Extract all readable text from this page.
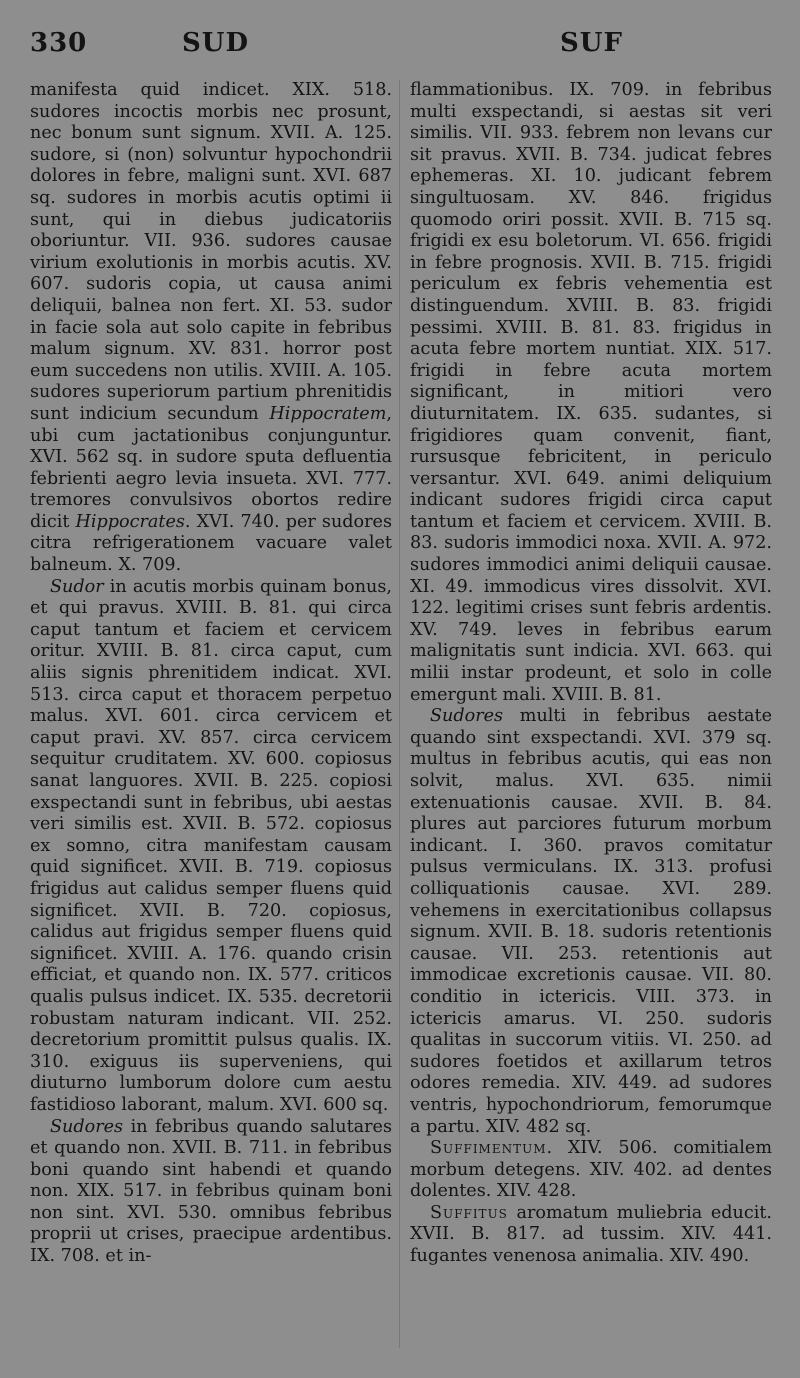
330	SUD	SUF

manifesta quid indicet. XIX. 518. sudores incoctis morbis nec prosunt, nec bonum sunt signum. XVII. A. 125. sudore, si (non) solvuntur hypochondrii dolores in febre, maligni sunt. XVI. 687 sq. sudores in morbis acutis optimi ii sunt, qui in diebus judicatoriis oboriuntur. VII. 936. sudores causae virium exolutionis in morbis acutis. XV. 607. sudoris copia, ut causa animi deliquii, balnea non fert. XI. 53. sudor in facie sola aut solo capite in febribus malum signum. XV. 831. horror post eum succedens non utilis. XVIII. A. 105. sudores superiorum partium phrenitidis sunt indicium secundum Hippocratem, ubi cum jactationibus conjunguntur. XVI. 562 sq. in sudore sputa defluentia febrienti aegro levia insueta. XVI. 777. tremores convulsivos obortos redire dicit Hippocrates. XVI. 740. per sudores citra refrigerationem vacuare valet balneum. X. 709.

Sudor in acutis morbis quinam bonus, et qui pravus. XVIII. B. 81. qui circa caput tantum et faciem et cervicem oritur. XVIII. B. 81. circa caput, cum aliis signis phrenitidem indicat. XVI. 513. circa caput et thoracem perpetuo malus. XVI. 601. circa cervicem et caput pravi. XV. 857. circa cervicem sequitur cruditatem. XV. 600. copiosus sanat languores. XVII. B. 225. copiosi exspectandi sunt in febribus, ubi aestas veri similis est. XVII. B. 572. copiosus ex somno, citra manifestam causam quid significet. XVII. B. 719. copiosus frigidus aut calidus semper fluens quid significet. XVII. B. 720. copiosus, calidus aut frigidus semper fluens quid significet. XVIII. A. 176. quando crisin efficiat, et quando non. IX. 577. criticos qualis pulsus indicet. IX. 535. decretorii robustam naturam indicant. VII. 252. decretorium promittit pulsus qualis. IX. 310. exiguus iis superveniens, qui diuturno lumborum dolore cum aestu fastidioso laborant, malum. XVI. 600 sq.

Sudores in febribus quando salutares et quando non. XVII. B. 711. in febribus boni quando sint habendi et quando non. XIX. 517. in febribus quinam boni non sint. XVI. 530. omnibus febribus proprii ut crises, praecipue ardentibus. IX. 708. et in-

flammationibus. IX. 709. in febribus multi exspectandi, si aestas sit veri similis. VII. 933. febrem non levans cur sit pravus. XVII. B. 734. judicat febres ephemeras. XI. 10. judicant febrem singultuosam. XV. 846. frigidus quomodo oriri possit. XVII. B. 715 sq. frigidi ex esu boletorum. VI. 656. frigidi in febre prognosis. XVII. B. 715. frigidi periculum ex febris vehementia est distinguendum. XVIII. B. 83. frigidi pessimi. XVIII. B. 81. 83. frigidus in acuta febre mortem nuntiat. XIX. 517. frigidi in febre acuta mortem significant, in mitiori vero diuturnitatem. IX. 635. sudantes, si frigidiores quam convenit, fiant, rursusque febricitent, in periculo versantur. XVI. 649. animi deliquium indicant sudores frigidi circa caput tantum et faciem et cervicem. XVIII. B. 83. sudoris immodici noxa. XVII. A. 972. sudores immodici animi deliquii causae. XI. 49. immodicus vires dissolvit. XVI. 122. legitimi crises sunt febris ardentis. XV. 749. leves in febribus earum malignitatis sunt indicia. XVI. 663. qui milii instar prodeunt, et solo in colle emergunt mali. XVIII. B. 81.

Sudores multi in febribus aestate quando sint exspectandi. XVI. 379 sq. multus in febribus acutis, qui eas non solvit, malus. XVI. 635. nimii extenuationis causae. XVII. B. 84. plures aut parciores futurum morbum indicant. I. 360. pravos comitatur pulsus vermiculans. IX. 313. profusi colliquationis causae. XVI. 289. vehemens in exercitationibus collapsus signum. XVII. B. 18. sudoris retentionis causae. VII. 253. retentionis aut immodicae excretionis causae. VII. 80. conditio in ictericis. VIII. 373. in ictericis amarus. VI. 250. sudoris qualitas in succorum vitiis. VI. 250. ad sudores foetidos et axillarum tetros odores remedia. XIV. 449. ad sudores ventris, hypochondriorum, femorumque a partu. XIV. 482 sq.

Suffimentum. XIV. 506. comitialem morbum detegens. XIV. 402. ad dentes dolentes. XIV. 428.

Suffitus aromatum muliebria educit. XVII. B. 817. ad tussim. XIV. 441. fugantes venenosa animalia. XIV. 490.
